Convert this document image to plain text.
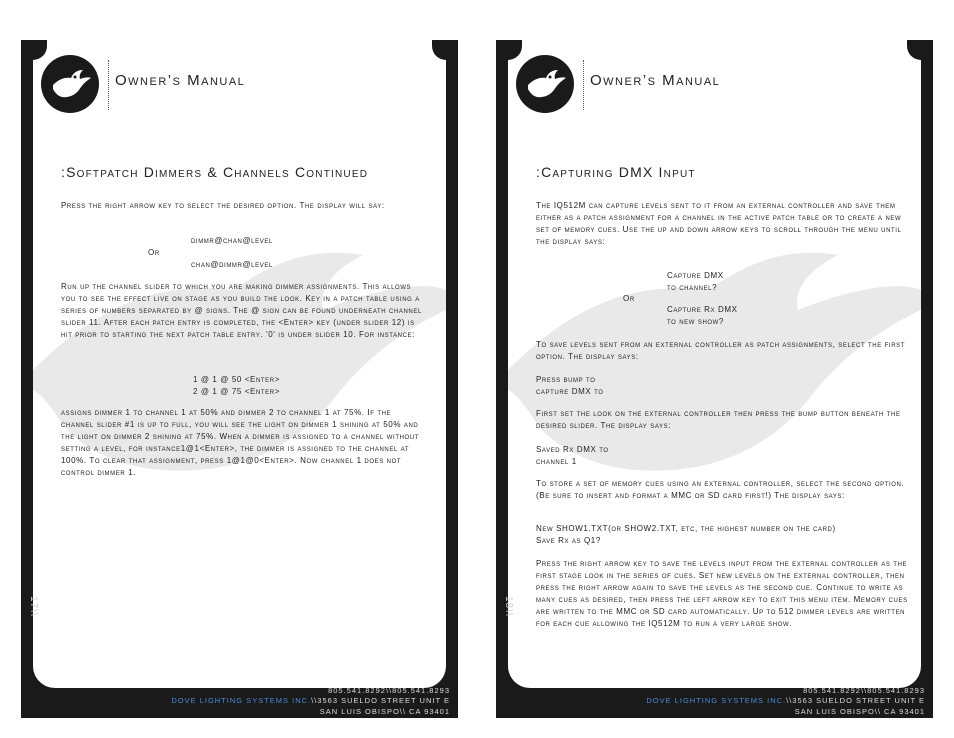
Owner’s Manual
:Softpatch Dimmers & Channels Continued
Press the right arrow key to select the desired option. The display will say:
dimmr@chan@level
Or
chan@dimmr@level
Run up the channel slider to which you are making dimmer assignments. This allows you to see the effect live on stage as you build the look. Key in a patch table using a series of numbers separated by @ signs. The @ sign can be found underneath channel slider 11. After each patch entry is completed, the <Enter> key (under slider 12) is hit prior to starting the next patch table entry. '0' is under slider 10. For instance:
1 @ 1 @ 50 <Enter>
2 @ 1 @ 75 <Enter>
assigns dimmer 1 to channel 1 at 50% and dimmer 2 to channel 1 at 75%. If the channel slider #1 is up to full, you will see the light on dimmer 1 shining at 50% and the light on dimmer 2 shining at 75%. When a dimmer is assigned to a channel without setting a level, for instance1@1<Enter>, the dimmer is assigned to the channel at 100%. To clear that assignment, press 1@1@0<Enter>. Now channel 1 does not control dimmer 1.
17\\
805.541.8292\\805.541.8293
DOVE LIGHTING SYSTEMS INC.\\3563 SUELDO STREET UNIT E
SAN LUIS OBISPO\\ CA 93401
Owner’s Manual
:Capturing DMX Input
The IQ512M can capture levels sent to it from an external controller and save them either as a patch assignment for a channel in the active patch table or to create a new set of memory cues. Use the up and down arrow keys to scroll through the menu until the display says:
Capture DMX
to channel?
Or
Capture Rx DMX
to new show?
To save levels sent from an external controller as patch assignments, select the first option. The display says:
Press bump to
capture DMX to
First set the look on the external controller then press the bump button beneath the desired slider. The display says:
Saved Rx DMX to
channel 1
To store a set of memory cues using an external controller, select the second option. (Be sure to insert and format a MMC or SD card first!) The display says:
New SHOW1.TXT(or SHOW2.TXT, etc, the highest number on the card)
Save Rx as Q1?
Press the right arrow key to save the levels input from the external controller as the first stage look in the series of cues. Set new levels on the external controller, then press the right arrow again to save the levels as the second cue. Continue to write as many cues as desired, then press the left arrow key to exit this menu item. Memory cues are written to the MMC or SD card automatically. Up to 512 dimmer levels are written for each cue allowing the IQ512M to run a very large show.
18\\
805.541.8292\\805.541.8293
DOVE LIGHTING SYSTEMS INC.\\3563 SUELDO STREET UNIT E
SAN LUIS OBISPO\\ CA 93401
